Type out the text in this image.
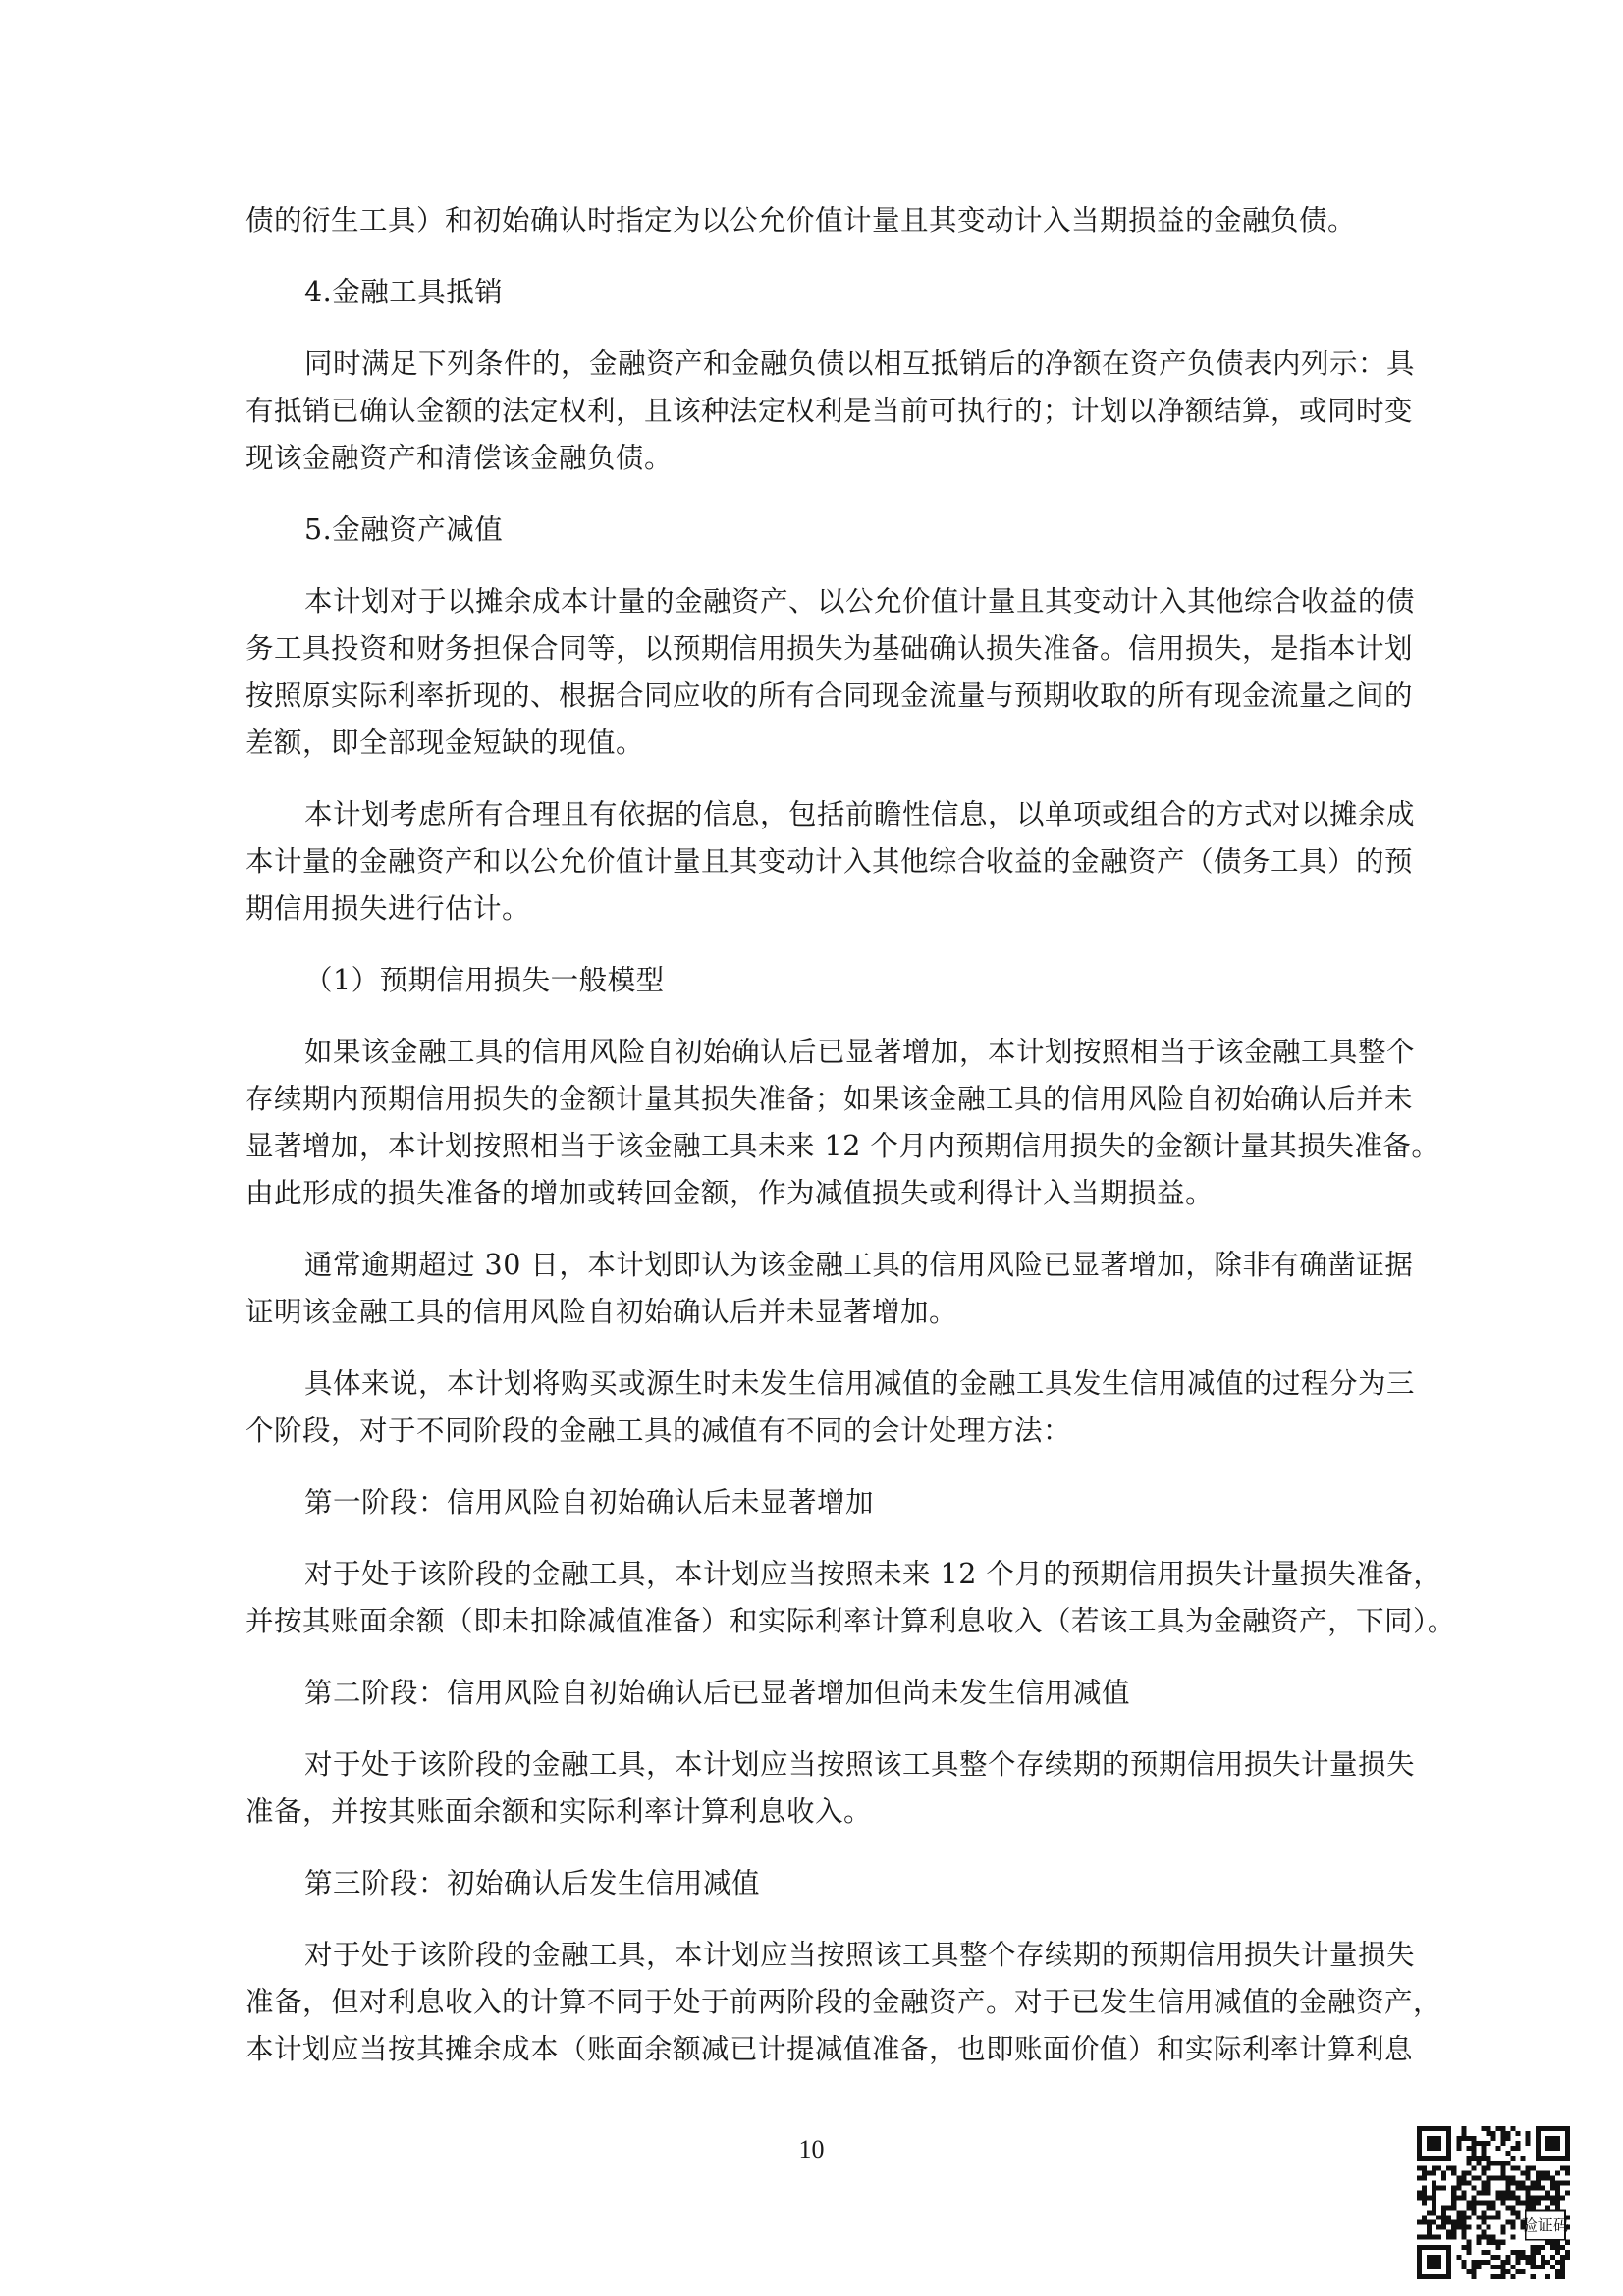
债的衍生工具）和初始确认时指定为以公允价值计量且其变动计入当期损益的金融负债。

4.金融工具抵销

同时满足下列条件的，金融资产和金融负债以相互抵销后的净额在资产负债表内列示：具
有抵销已确认金额的法定权利，且该种法定权利是当前可执行的；计划以净额结算，或同时变
现该金融资产和清偿该金融负债。

5.金融资产减值

本计划对于以摊余成本计量的金融资产、以公允价值计量且其变动计入其他综合收益的债
务工具投资和财务担保合同等，以预期信用损失为基础确认损失准备。信用损失，是指本计划
按照原实际利率折现的、根据合同应收的所有合同现金流量与预期收取的所有现金流量之间的
差额，即全部现金短缺的现值。

本计划考虑所有合理且有依据的信息，包括前瞻性信息，以单项或组合的方式对以摊余成
本计量的金融资产和以公允价值计量且其变动计入其他综合收益的金融资产（债务工具）的预
期信用损失进行估计。

（1）预期信用损失一般模型

如果该金融工具的信用风险自初始确认后已显著增加，本计划按照相当于该金融工具整个
存续期内预期信用损失的金额计量其损失准备；如果该金融工具的信用风险自初始确认后并未
显著增加，本计划按照相当于该金融工具未来 12 个月内预期信用损失的金额计量其损失准备。
由此形成的损失准备的增加或转回金额，作为减值损失或利得计入当期损益。

通常逾期超过 30 日，本计划即认为该金融工具的信用风险已显著增加，除非有确凿证据
证明该金融工具的信用风险自初始确认后并未显著增加。

具体来说，本计划将购买或源生时未发生信用减值的金融工具发生信用减值的过程分为三
个阶段，对于不同阶段的金融工具的减值有不同的会计处理方法：

第一阶段：信用风险自初始确认后未显著增加

对于处于该阶段的金融工具，本计划应当按照未来 12 个月的预期信用损失计量损失准备，
并按其账面余额（即未扣除减值准备）和实际利率计算利息收入（若该工具为金融资产，下同）。

第二阶段：信用风险自初始确认后已显著增加但尚未发生信用减值

对于处于该阶段的金融工具，本计划应当按照该工具整个存续期的预期信用损失计量损失
准备，并按其账面余额和实际利率计算利息收入。

第三阶段：初始确认后发生信用减值

对于处于该阶段的金融工具，本计划应当按照该工具整个存续期的预期信用损失计量损失
准备，但对利息收入的计算不同于处于前两阶段的金融资产。对于已发生信用减值的金融资产，
本计划应当按其摊余成本（账面余额减已计提减值准备，也即账面价值）和实际利率计算利息

10
验证码
